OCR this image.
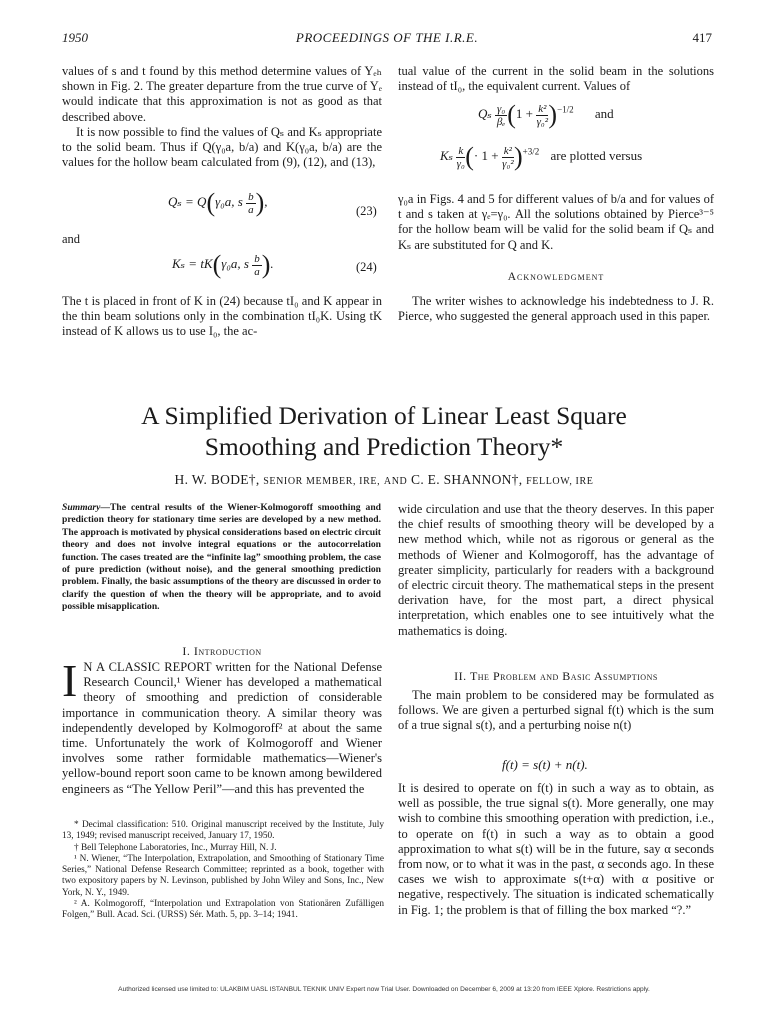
1950	PROCEEDINGS OF THE I.R.E.	417

values of s and t found by this method determine values of Yₑₕ shown in Fig. 2. The greater departure from the true curve of Yₑ would indicate that this approximation is not as good as that described above.

It is now possible to find the values of Qₛ and Kₛ appropriate to the solid beam. Thus if Q(γ₀a, b/a) and K(γ₀a, b/a) are the values for the hollow beam calculated from (9), (12), and (13),

Qₛ = Q(γ₀a, s $\frac{b}{a}$ ),
(23)

and

Kₛ = tK(γ₀a, s $\frac{b}{a}$ ).	(24)

The t is placed in front of K in (24) because tI₀ and K appear in the thin beam solutions only in the combination tI₀K. Using tK instead of K allows us to use I₀, the ac-

tual value of the current in the solid beam in the solutions instead of tI₀, the equivalent current. Values of

Qₛ $\frac{\text{γ₀}}{\text{βₑ}} (1 + \frac{\text{k²}}{\text{γ₀²}} )^{-1/2}$ and
Kₛ $\frac{k}{\text{γ₀}}$ (· $1 + \frac{\text{k²}}{\text{γ₀²}} )^{+3/2}$ are plotted versus

γ₀a in Figs. 4 and 5 for different values of b/a and for values of t and s taken at γₑ=γ₀. All the solutions obtained by Pierce³⁻⁵ for the hollow beam will be valid for the solid beam if Qₛ and Kₛ are substituted for Q and K.

Acknowledgment

The writer wishes to acknowledge his indebtedness to J. R. Pierce, who suggested the general approach used in this paper.

A Simplified Derivation of Linear Least Square
Smoothing and Prediction Theory*
H. W. BODE†, SENIOR MEMBER, IRE, AND C. E. SHANNON†, FELLOW, IRE
Summary—The central results of the Wiener-Kolmogoroff smoothing and prediction theory for stationary time series are developed by a new method. The approach is motivated by physical considerations based on electric circuit theory and does not involve integral equations or the autocorrelation function. The cases treated are the “infinite lag” smoothing problem, the case of pure prediction (without noise), and the general smoothing prediction problem. Finally, the basic assumptions of the theory are discussed in order to clarify the question of when the theory will be appropriate, and to avoid possible misapplication.
I. Introduction

I N A CLASSIC REPORT written for the National Defense Research Council,¹ Wiener has developed a mathematical theory of smoothing and prediction of considerable importance in communication theory. A similar theory was independently developed by Kolmogoroff² at about the same time. Unfortunately the work of Kolmogoroff and Wiener involves some rather formidable mathematics—Wiener's yellow-bound report soon came to be known among bewildered engineers as “The Yellow Peril”—and this has prevented the

* Decimal classification: 510. Original manuscript received by the Institute, July 13, 1949; revised manuscript received, January 17, 1950.

† Bell Telephone Laboratories, Inc., Murray Hill, N. J.

¹ N. Wiener, “The Interpolation, Extrapolation, and Smoothing of Stationary Time Series,” National Defense Research Committee; reprinted as a book, together with two expository papers by N. Levinson, published by John Wiley and Sons, Inc., New York, N. Y., 1949.

² A. Kolmogoroff, “Interpolation und Extrapolation von Stationären Zufälligen Folgen,” Bull. Acad. Sci. (URSS) Sér. Math. 5, pp. 3–14; 1941.

wide circulation and use that the theory deserves. In this paper the chief results of smoothing theory will be developed by a new method which, while not as rigorous or general as the methods of Wiener and Kolmogoroff, has the advantage of greater simplicity, particularly for readers with a background of electric circuit theory. The mathematical steps in the present derivation have, for the most part, a direct physical interpretation, which enables one to see intuitively what the mathematics is doing.

II. The Problem and Basic Assumptions

The main problem to be considered may be formulated as follows. We are given a perturbed signal f(t) which is the sum of a true signal s(t), and a perturbing noise n(t)

f(t) = s(t) + n(t).

It is desired to operate on f(t) in such a way as to obtain, as well as possible, the true signal s(t). More generally, one may wish to combine this smoothing operation with prediction, i.e., to operate on f(t) in such a way as to obtain a good approximation to what s(t) will be in the future, say α seconds from now, or to what it was in the past, α seconds ago. In these cases we wish to approximate s(t+α) with α positive or negative, respectively. The situation is indicated schematically in Fig. 1; the problem is that of filling the box marked “?.”

Authorized licensed use limited to: ULAKBIM UASL ISTANBUL TEKNIK UNIV Expert now Trial User. Downloaded on December 6, 2009 at 13:20 from IEEE Xplore. Restrictions apply.
